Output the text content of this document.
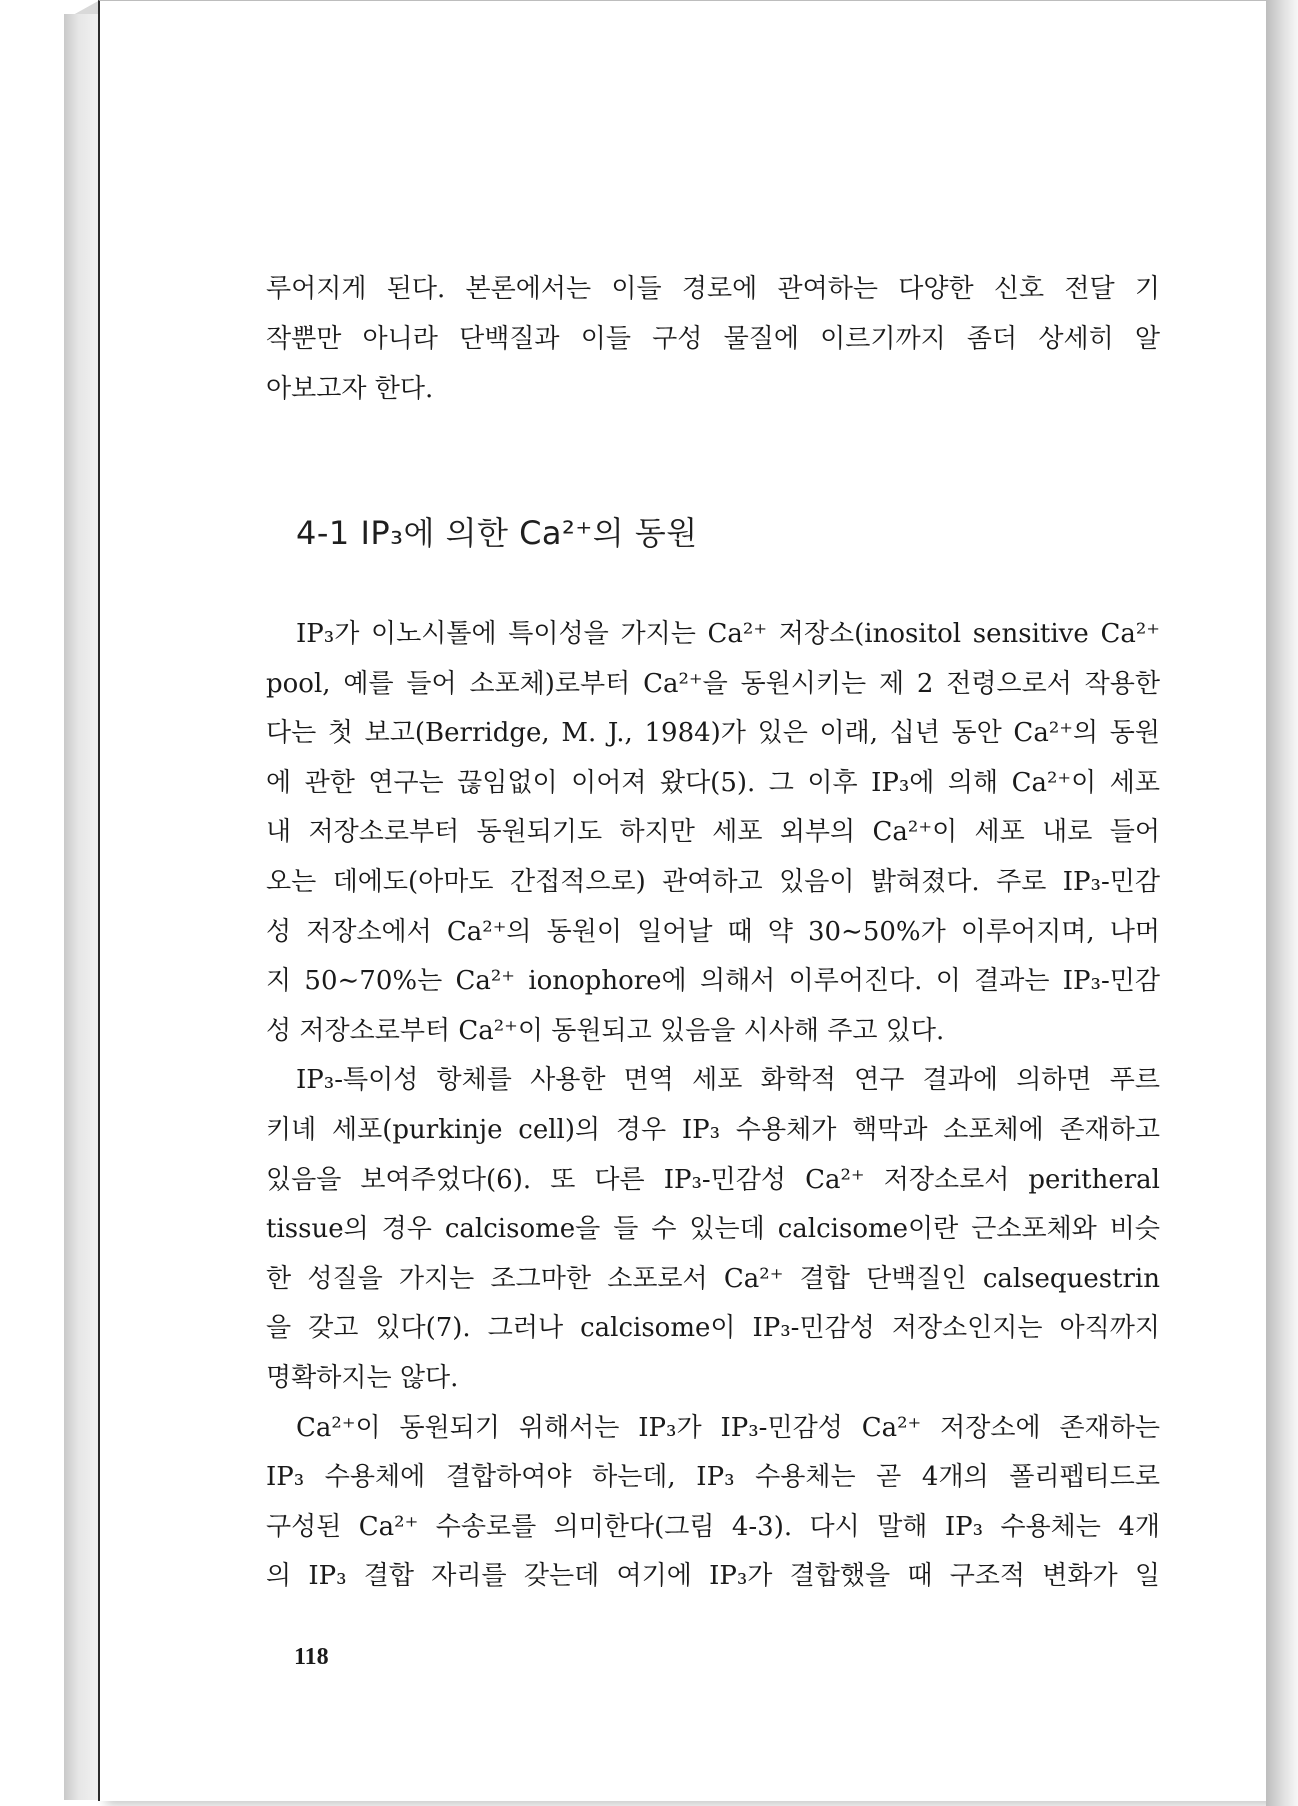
루어지게 된다. 본론에서는 이들 경로에 관여하는 다양한 신호 전달 기
작뿐만 아니라 단백질과 이들 구성 물질에 이르기까지 좀더 상세히 알
아보고자 한다.

4-1 IP₃에 의한 Ca²⁺의 동원

IP₃가 이노시톨에 특이성을 가지는 Ca²⁺ 저장소(inositol sensitive Ca²⁺
pool, 예를 들어 소포체)로부터 Ca²⁺을 동원시키는 제 2 전령으로서 작용한
다는 첫 보고(Berridge, M. J., 1984)가 있은 이래, 십년 동안 Ca²⁺의 동원
에 관한 연구는 끊임없이 이어져 왔다(5). 그 이후 IP₃에 의해 Ca²⁺이 세포
내 저장소로부터 동원되기도 하지만 세포 외부의 Ca²⁺이 세포 내로 들어
오는 데에도(아마도 간접적으로) 관여하고 있음이 밝혀졌다. 주로 IP₃-민감
성 저장소에서 Ca²⁺의 동원이 일어날 때 약 30∼50%가 이루어지며, 나머
지 50∼70%는 Ca²⁺ ionophore에 의해서 이루어진다. 이 결과는 IP₃-민감
성 저장소로부터 Ca²⁺이 동원되고 있음을 시사해 주고 있다.

IP₃-특이성 항체를 사용한 면역 세포 화학적 연구 결과에 의하면 푸르
키녜 세포(purkinje cell)의 경우 IP₃ 수용체가 핵막과 소포체에 존재하고
있음을 보여주었다(6). 또 다른 IP₃-민감성 Ca²⁺ 저장소로서 peritheral
tissue의 경우 calcisome을 들 수 있는데 calcisome이란 근소포체와 비슷
한 성질을 가지는 조그마한 소포로서 Ca²⁺ 결합 단백질인 calsequestrin
을 갖고 있다(7). 그러나 calcisome이 IP₃-민감성 저장소인지는 아직까지
명확하지는 않다.

Ca²⁺이 동원되기 위해서는 IP₃가 IP₃-민감성 Ca²⁺ 저장소에 존재하는
IP₃ 수용체에 결합하여야 하는데, IP₃ 수용체는 곧 4개의 폴리펩티드로
구성된 Ca²⁺ 수송로를 의미한다(그림 4-3). 다시 말해 IP₃ 수용체는 4개
의 IP₃ 결합 자리를 갖는데 여기에 IP₃가 결합했을 때 구조적 변화가 일

118
